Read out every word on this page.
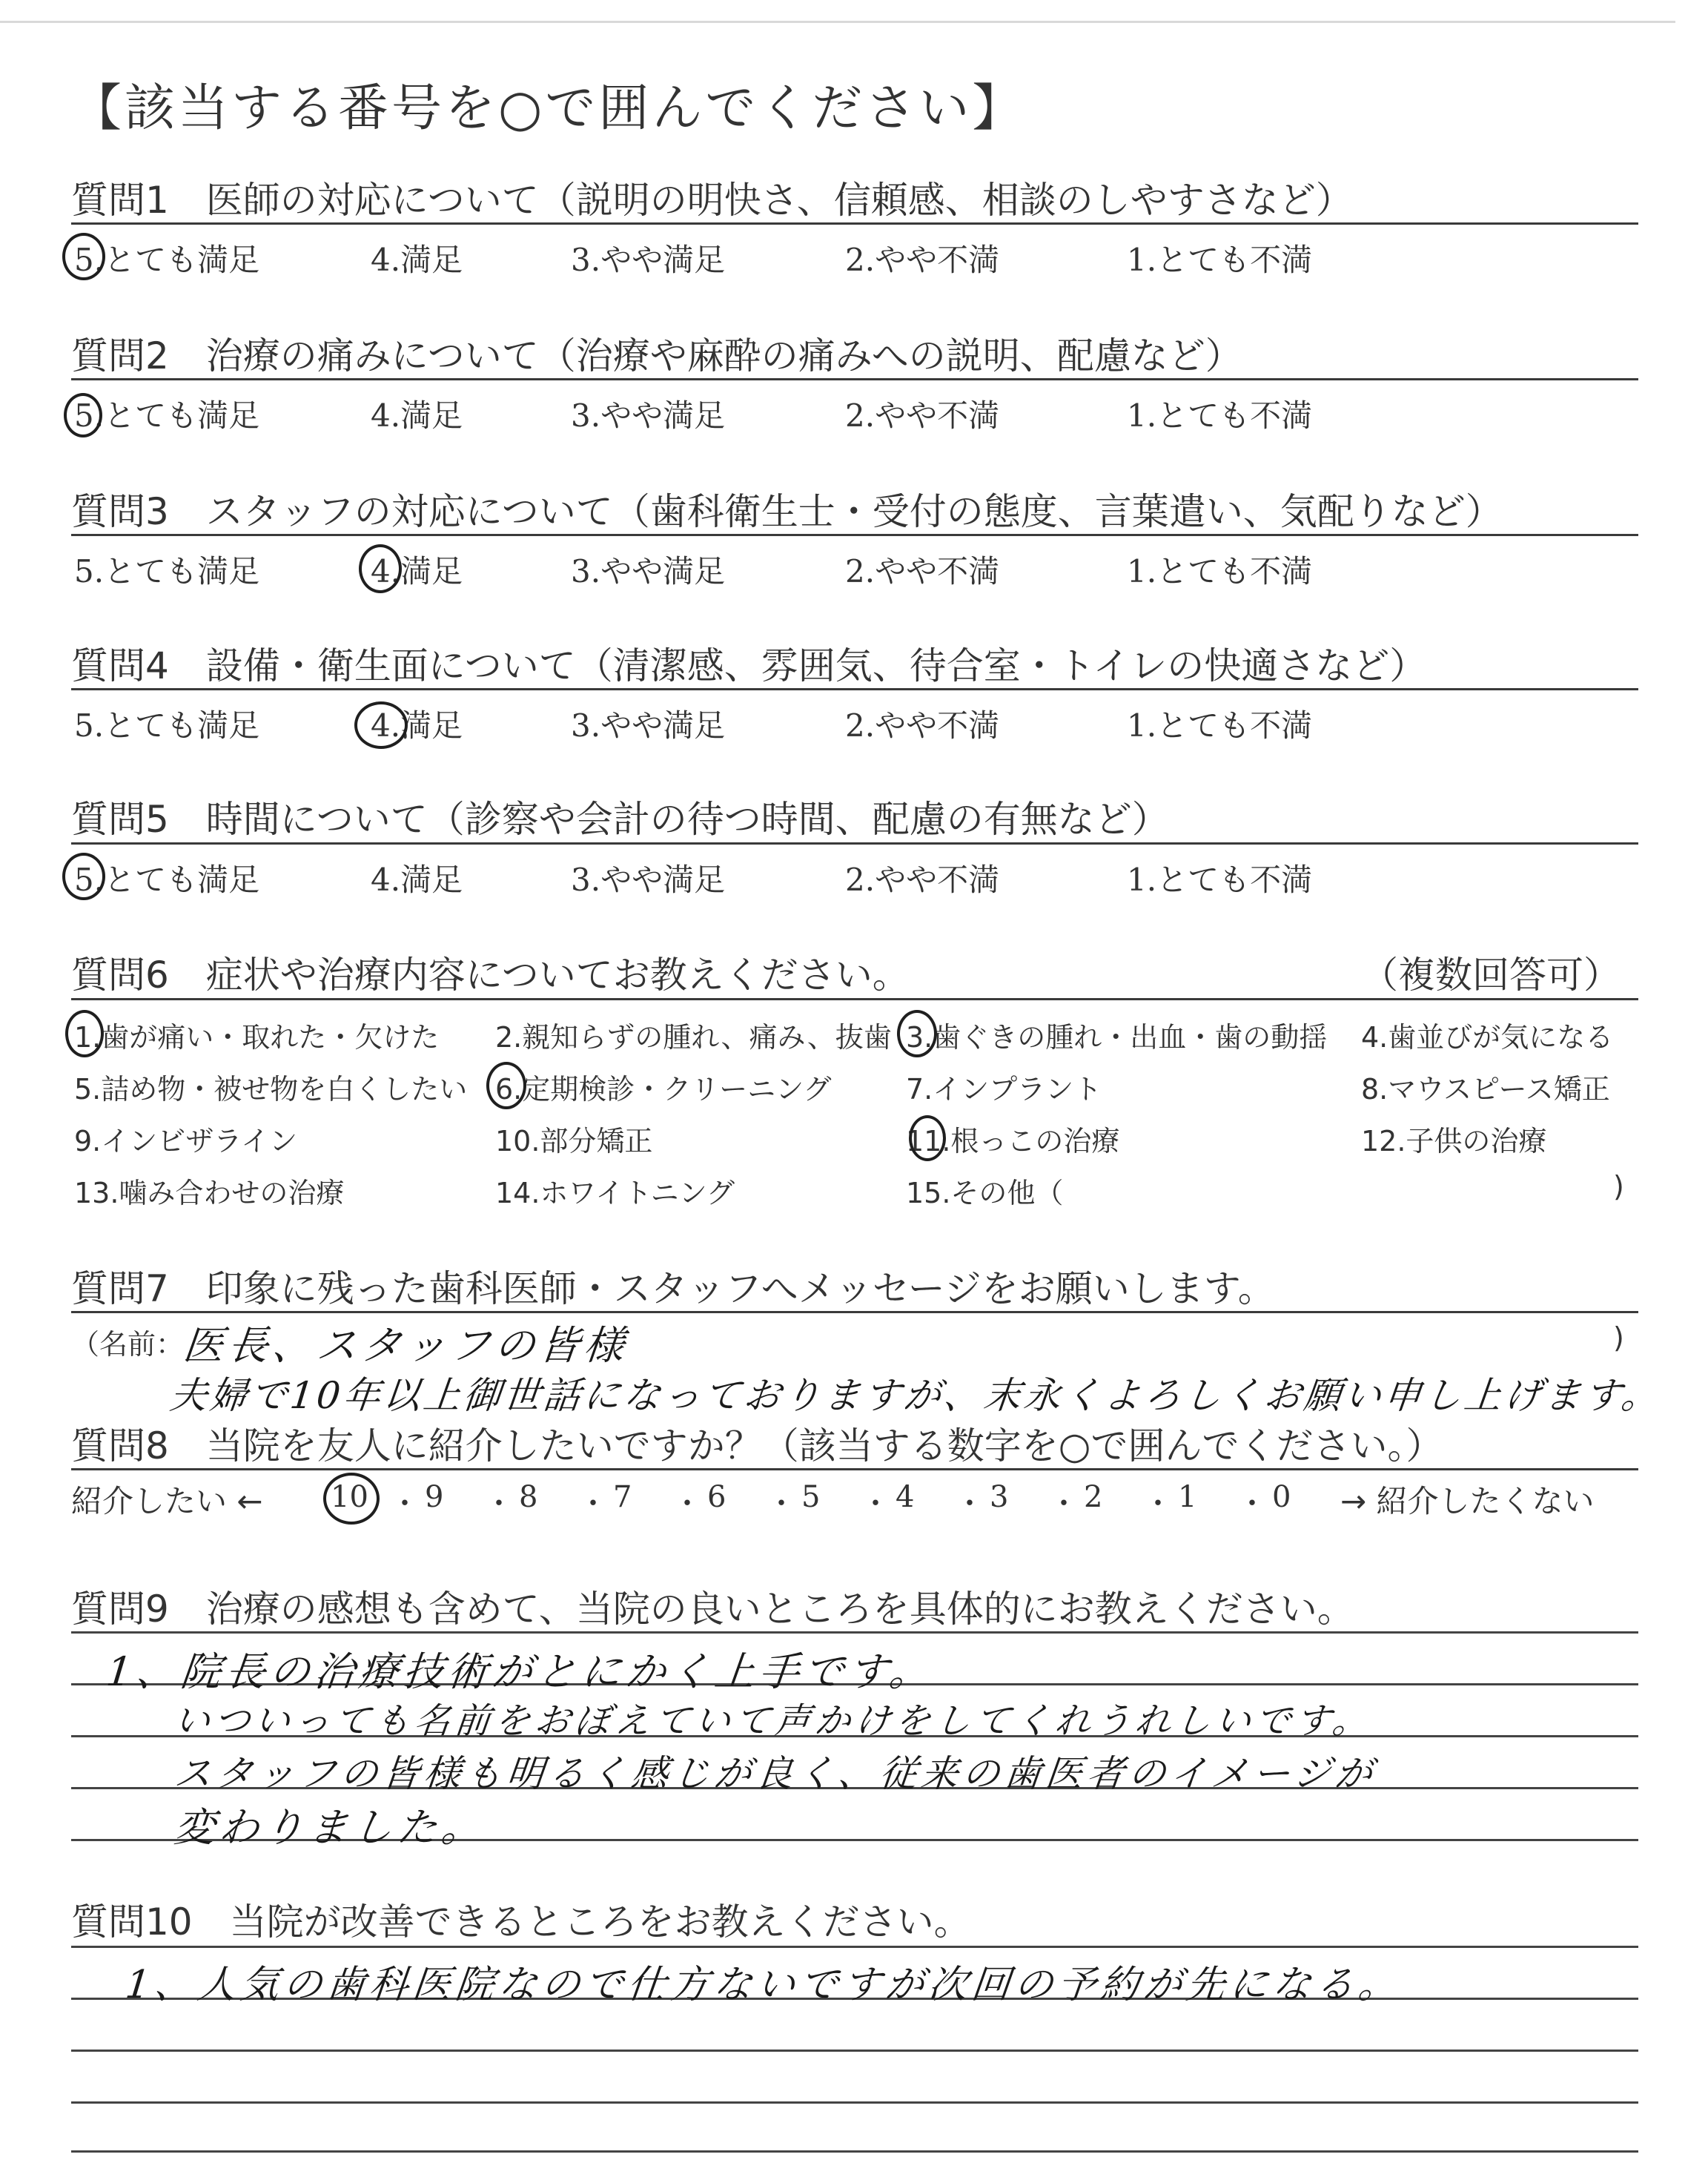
【該当する番号を○で囲んでください】
質問1　医師の対応について（説明の明快さ、信頼感、相談のしやすさなど）
5.とても満足	4.満足	3.やや満足	2.やや不満	1.とても不満
質問2　治療の痛みについて（治療や麻酔の痛みへの説明、配慮など）
5.とても満足	4.満足	3.やや満足	2.やや不満	1.とても不満
質問3　スタッフの対応について（歯科衛生士・受付の態度、言葉遣い、気配りなど）
5.とても満足	4.満足	3.やや満足	2.やや不満	1.とても不満
質問4　設備・衛生面について（清潔感、雰囲気、待合室・トイレの快適さなど）
5.とても満足	4.満足	3.やや満足	2.やや不満	1.とても不満
質問5　時間について（診察や会計の待つ時間、配慮の有無など）
5.とても満足	4.満足	3.やや満足	2.やや不満	1.とても不満
質問6　症状や治療内容についてお教えください。	（複数回答可）
1.歯が痛い・取れた・欠けた 2.親知らずの腫れ、痛み、抜歯 3.歯ぐきの腫れ・出血・歯の動揺 4.歯並びが気になる
5.詰め物・被せ物を白くしたい 6.定期検診・クリーニング	7.インプラント	8.マウスピース矯正
9.インビザライン	10.部分矯正	11.根っこの治療	12.子供の治療
13.噛み合わせの治療	14.ホワイトニング	15.その他（	)
質問7　印象に残った歯科医師・スタッフへメッセージをお願いします。
（名前：
医長、スタッフの皆様	)
夫婦で10年以上御世話になっておりますが、末永くよろしくお願い申し上げます。
質問8　当院を友人に紹介したいですか？（該当する数字を○で囲んでください。）
紹介したい ← 10 ・ 9 ・ 8 ・ 7 ・ 6 ・ 5 ・ 4 ・ 3 ・ 2 ・ 1 ・ 0 → 紹介したくない
質問9　治療の感想も含めて、当院の良いところを具体的にお教えください。
1、院長の治療技術がとにかく上手です。
いついっても名前をおぼえていて声かけをしてくれうれしいです。
スタッフの皆様も明るく感じが良く、従来の歯医者のイメージが
変わりました。
質問10　当院が改善できるところをお教えください。
1、人気の歯科医院なので仕方ないですが次回の予約が先になる。
